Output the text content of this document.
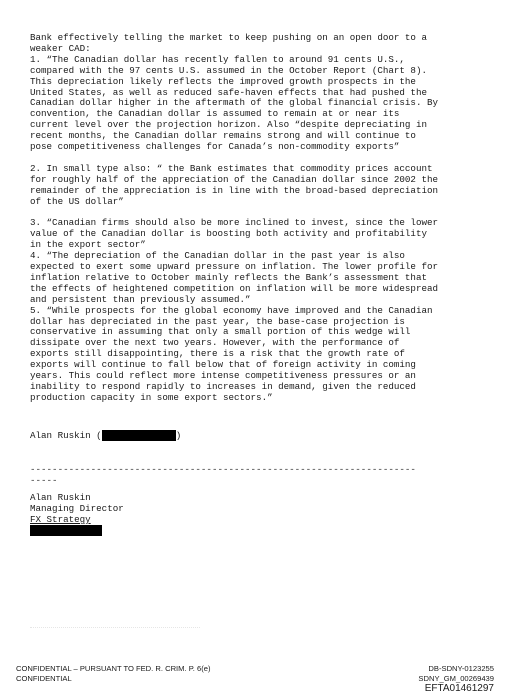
Bank effectively telling the market to keep pushing on an open door to a
weaker CAD:
1. “The Canadian dollar has recently fallen to around 91 cents U.S.,
compared with the 97 cents U.S. assumed in the October Report (Chart 8).
This depreciation likely reflects the improved growth prospects in the
United States, as well as reduced safe-haven effects that had pushed the
Canadian dollar higher in the aftermath of the global financial crisis. By
convention, the Canadian dollar is assumed to remain at or near its
current level over the projection horizon. Also “despite depreciating in
recent months, the Canadian dollar remains strong and will continue to
pose competitiveness challenges for Canada’s non-commodity exports”
2. In small type also: “ the Bank estimates that commodity prices account
for roughly half of the appreciation of the Canadian dollar since 2002 the
remainder of the appreciation is in line with the broad-based depreciation
of the US dollar”
3. “Canadian firms should also be more inclined to invest, since the lower
value of the Canadian dollar is boosting both activity and profitability
in the export sector”
4. “The depreciation of the Canadian dollar in the past year is also
expected to exert some upward pressure on inflation. The lower profile for
inflation relative to October mainly reflects the Bank’s assessment that
the effects of heightened competition on inflation will be more widespread
and persistent than previously assumed.”
5. “While prospects for the global economy have improved and the Canadian
dollar has depreciated in the past year, the base-case projection is
conservative in assuming that only a small portion of this wedge will
dissipate over the next two years. However, with the performance of
exports still disappointing, there is a risk that the growth rate of
exports will continue to fall below that of foreign activity in coming
years. This could reflect more intense competitiveness pressures or an
inability to respond rapidly to increases in demand, given the reduced
production capacity in some export sectors.”
Alan Ruskin (	)
----------------------------------------------------------------------
-----
Alan Ruskin
Managing Director
FX Strategy
CONFIDENTIAL – PURSUANT TO FED. R. CRIM. P. 6(e)
CONFIDENTIAL
DB-SDNY-0123255
SDNY_GM_00269439
EFTA01461297
